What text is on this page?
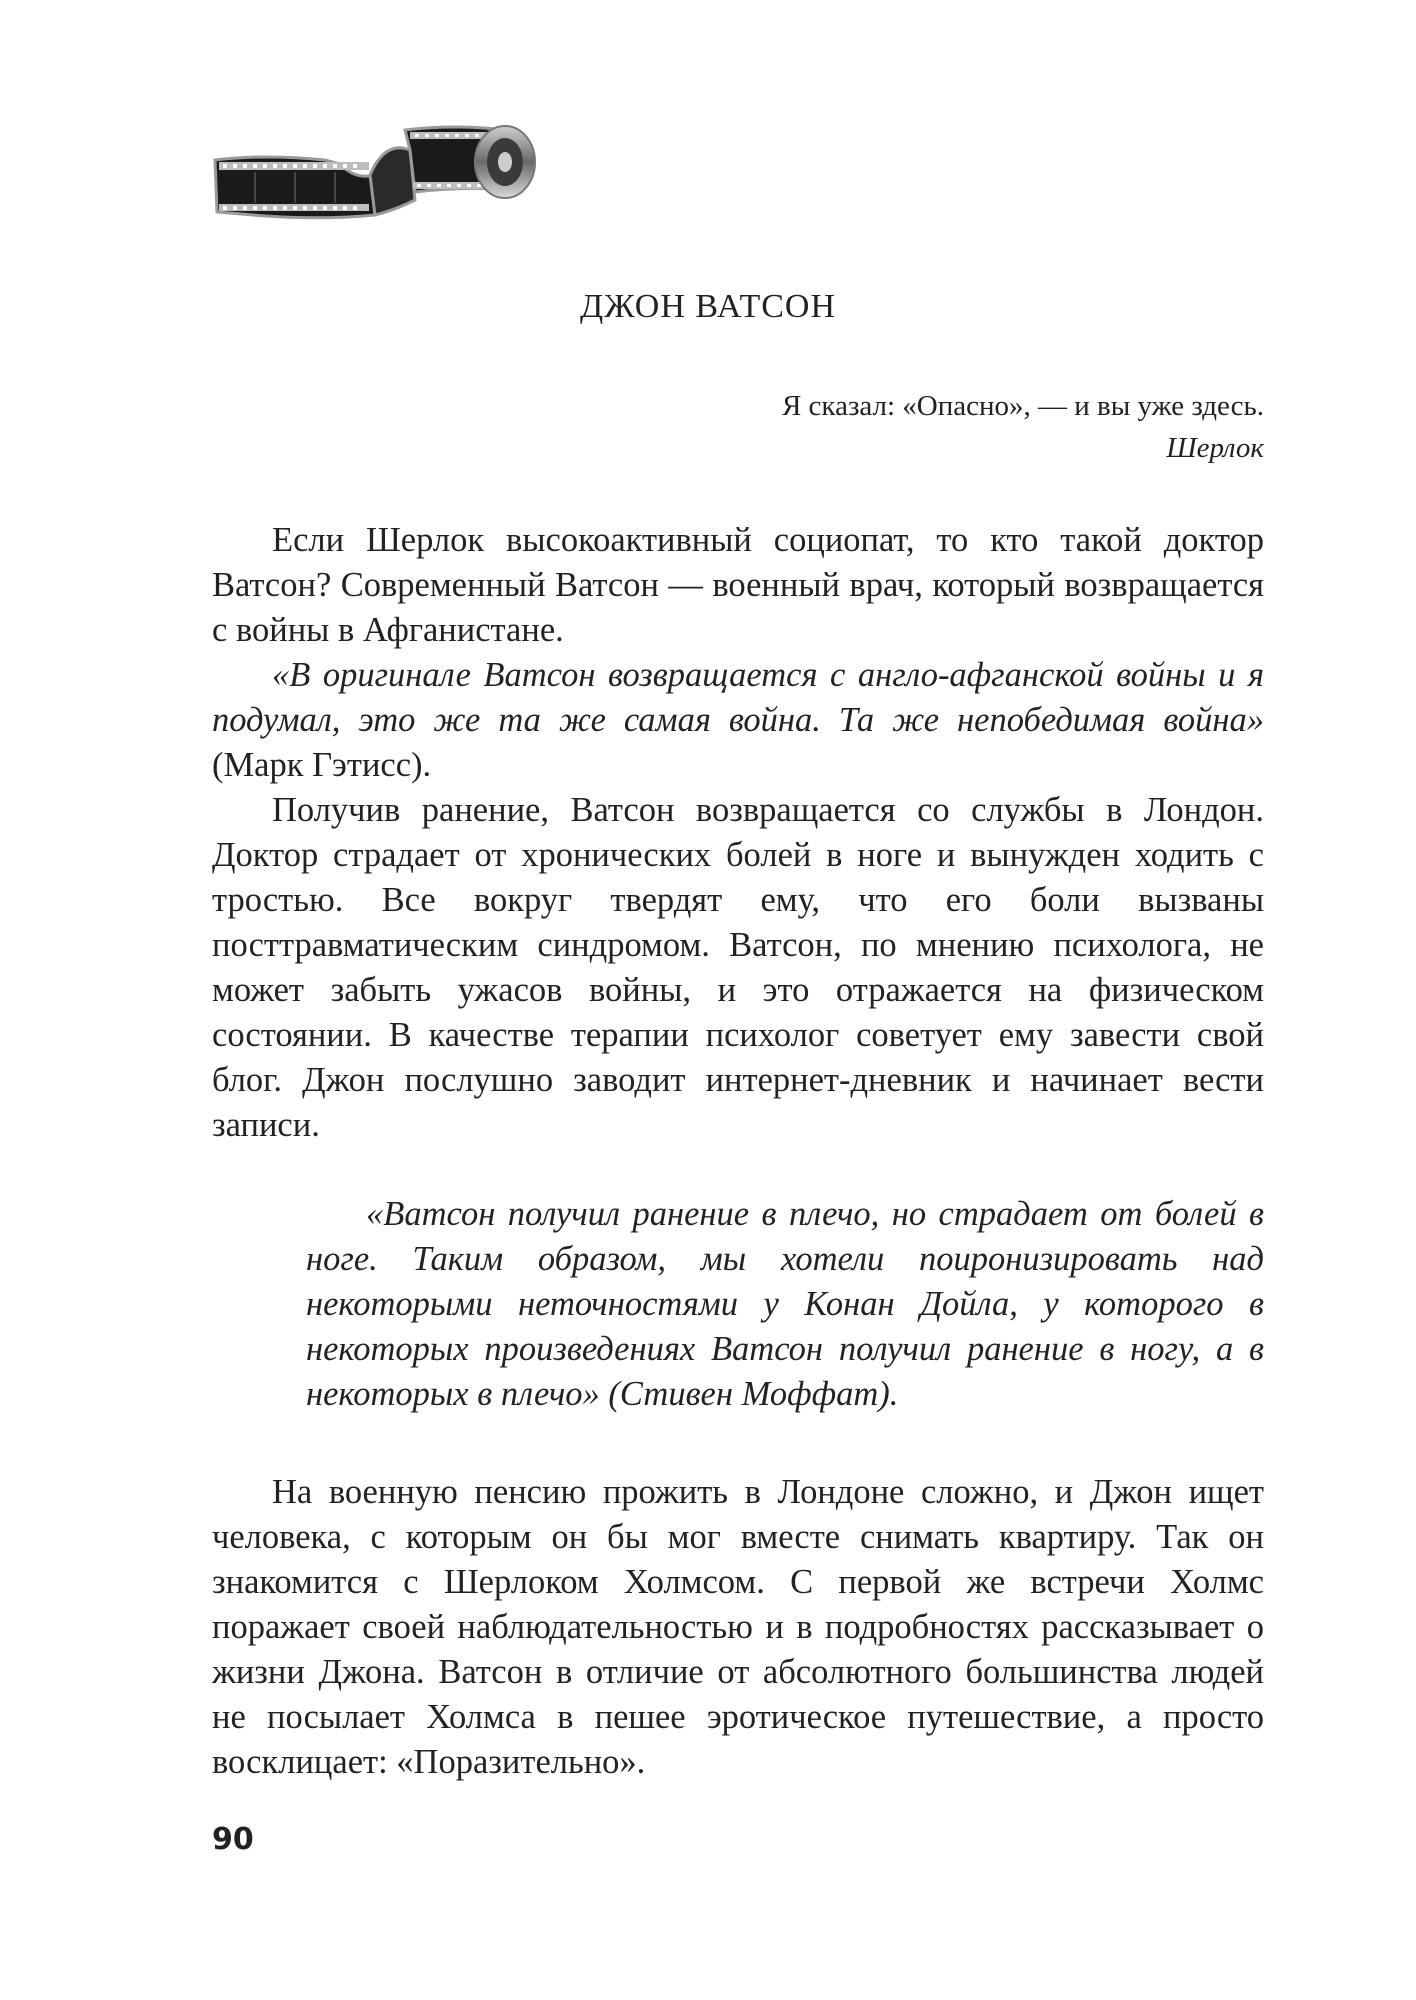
ДЖОН ВАТСОН
Я сказал: «Опасно», — и вы уже здесь.
Шерлок

Если Шерлок высокоактивный социопат, то кто такой доктор Ватсон? Современный Ватсон — военный врач, который возвращается с войны в Афганистане.

«В оригинале Ватсон возвращается с англо-афганской войны и я подумал, это же та же самая война. Та же непобедимая война» (Марк Гэтисс).

Получив ранение, Ватсон возвращается со службы в Лондон. Доктор страдает от хронических болей в ноге и вынужден ходить с тростью. Все вокруг твердят ему, что его боли вызваны посттравматическим синдромом. Ватсон, по мнению психолога, не может забыть ужасов войны, и это отражается на физическом состоянии. В качестве терапии психолог советует ему завести свой блог. Джон послушно заводит интернет-дневник и начинает вести записи.

«Ватсон получил ранение в плечо, но страдает от болей в ноге. Таким образом, мы хотели поиронизировать над некоторыми неточностями у Конан Дойла, у которого в некоторых произведениях Ватсон получил ранение в ногу, а в некоторых в плечо» (Стивен Моффат).

На военную пенсию прожить в Лондоне сложно, и Джон ищет человека, с которым он бы мог вместе снимать квартиру. Так он знакомится с Шерлоком Холмсом. С первой же встречи Холмс поражает своей наблюдательностью и в подробностях рассказывает о жизни Джона. Ватсон в отличие от абсолютного большинства людей не посылает Холмса в пешее эротическое путешествие, а просто восклицает: «Поразительно».

90
